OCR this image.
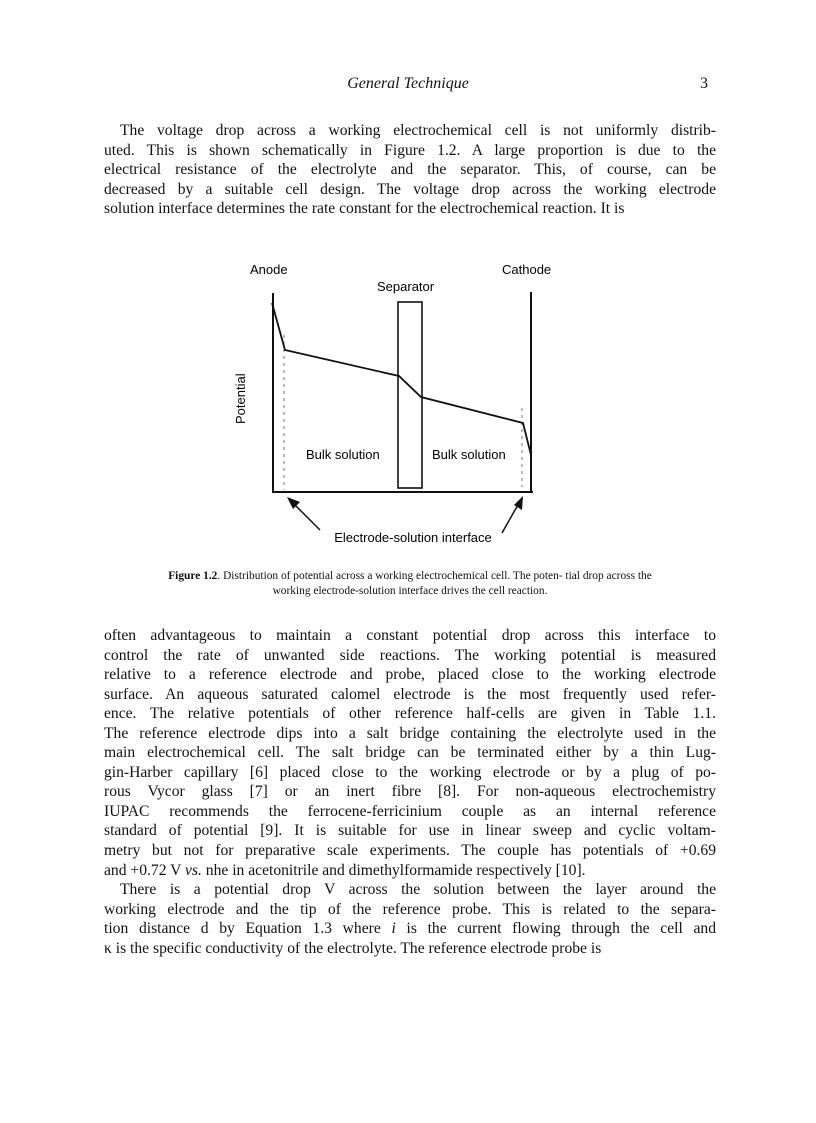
General Technique	3
The voltage drop across a working electrochemical cell is not uniformly distrib-
uted. This is shown schematically in Figure 1.2. A large proportion is due to the
electrical resistance of the electrolyte and the separator. This, of course, can be
decreased by a suitable cell design. The voltage drop across the working electrode
solution interface determines the rate constant for the electrochemical reaction. It is
Anode	Cathode
Separator
Potential
Bulk solution	Bulk solution
Electrode-solution interface
Figure 1.2. Distribution of potential across a working electrochemical cell. The poten- tial drop across the working electrode-solution interface drives the cell reaction.
often advantageous to maintain a constant potential drop across this interface to
control the rate of unwanted side reactions. The working potential is measured
relative to a reference electrode and probe, placed close to the working electrode
surface. An aqueous saturated calomel electrode is the most frequently used refer-
ence. The relative potentials of other reference half-cells are given in Table 1.1.
The reference electrode dips into a salt bridge containing the electrolyte used in the
main electrochemical cell. The salt bridge can be terminated either by a thin Lug-
gin-Harber capillary [6] placed close to the working electrode or by a plug of po-
rous Vycor glass [7] or an inert fibre [8]. For non-aqueous electrochemistry
IUPAC recommends the ferrocene-ferricinium couple as an internal reference
standard of potential [9]. It is suitable for use in linear sweep and cyclic voltam-
metry but not for preparative scale experiments. The couple has potentials of +0.69
and +0.72 V vs. nhe in acetonitrile and dimethylformamide respectively [10].
There is a potential drop V across the solution between the layer around the
working electrode and the tip of the reference probe. This is related to the separa-
tion distance d by Equation 1.3 where i is the current flowing through the cell and
κ is the specific conductivity of the electrolyte. The reference electrode probe is
